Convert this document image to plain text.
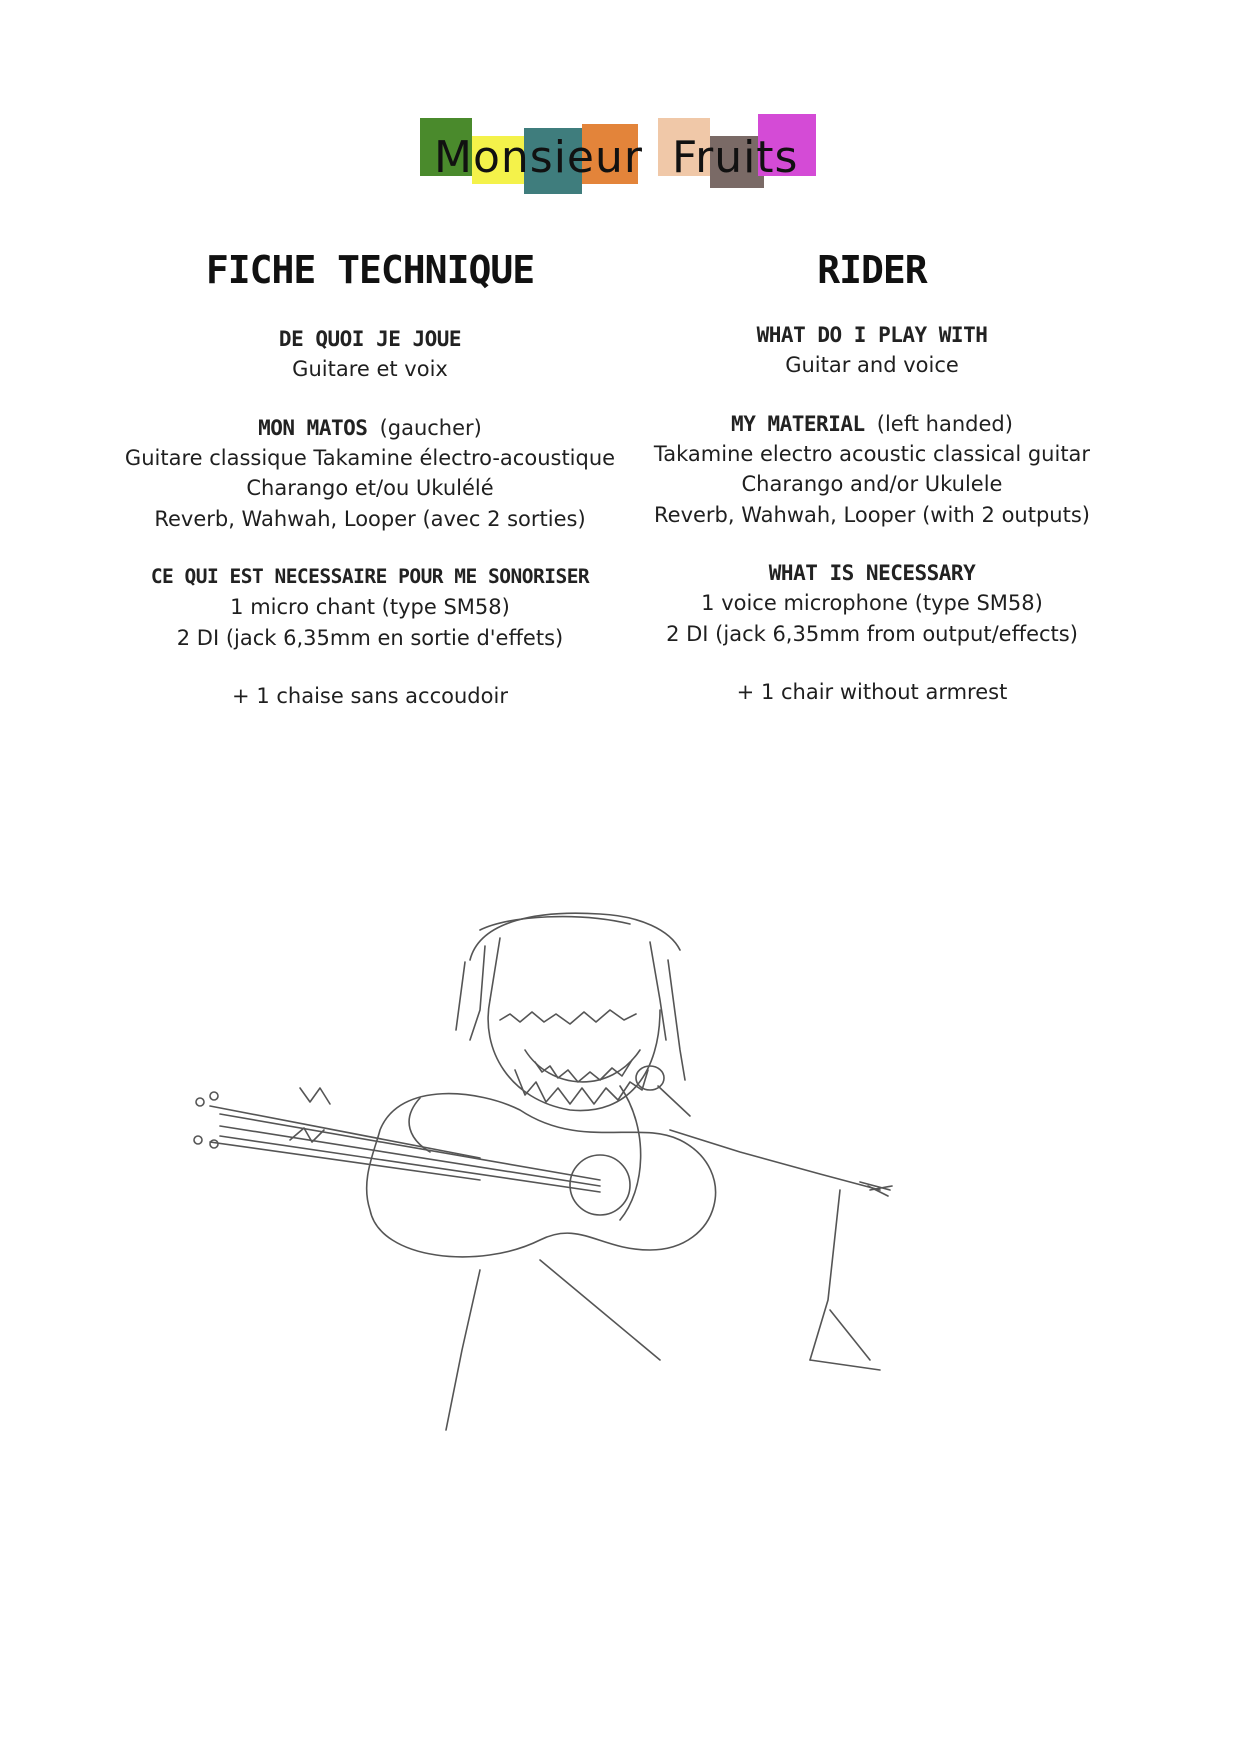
Monsieur Fruits
FICHE TECHNIQUE
DE QUOI JE JOUE
Guitare et voix
MON MATOS (gaucher)
Guitare classique Takamine électro-acoustique
Charango et/ou Ukulélé
Reverb, Wahwah, Looper (avec 2 sorties)
CE QUI EST NECESSAIRE POUR ME SONORISER
1 micro chant (type SM58)
2 DI (jack 6,35mm en sortie d'effets)
+ 1 chaise sans accoudoir
RIDER
WHAT DO I PLAY WITH
Guitar and voice
MY MATERIAL (left handed)
Takamine electro acoustic classical guitar
Charango and/or Ukulele
Reverb, Wahwah, Looper (with 2 outputs)
WHAT IS NECESSARY
1 voice microphone (type SM58)
2 DI (jack 6,35mm from output/effects)
+ 1 chair without armrest
